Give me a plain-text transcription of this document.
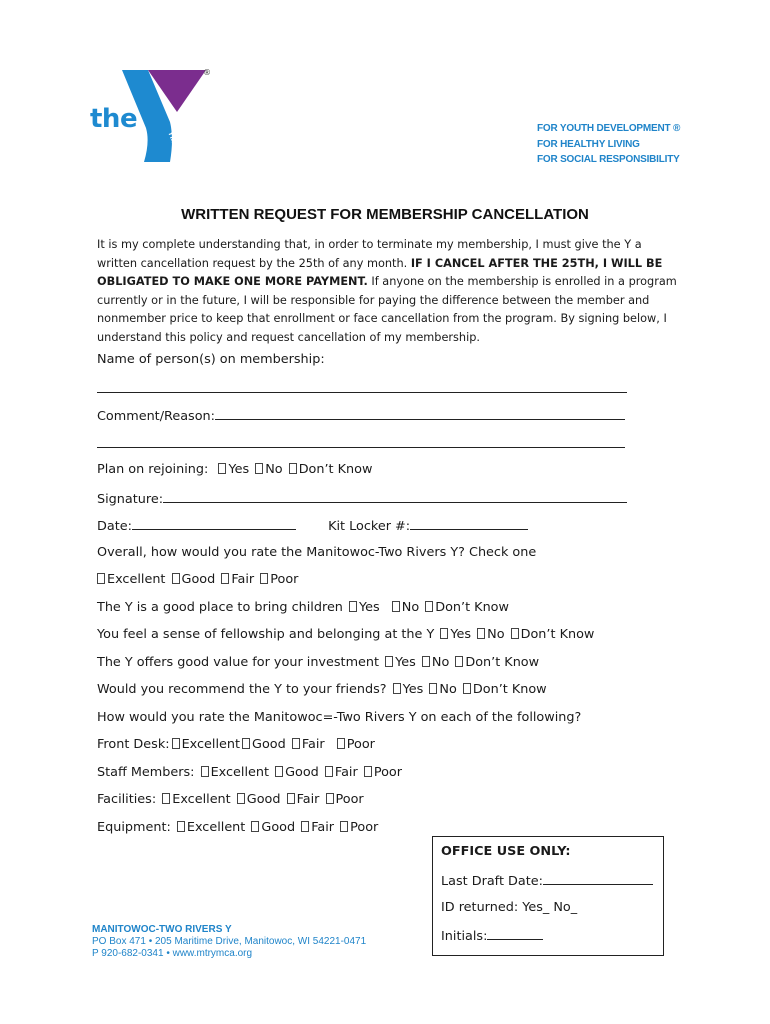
the
®
YMCA
FOR YOUTH DEVELOPMENT ®
FOR HEALTHY LIVING
FOR SOCIAL RESPONSIBILITY
WRITTEN REQUEST FOR MEMBERSHIP CANCELLATION
It is my complete understanding that, in order to terminate my membership, I must give the Y a written cancellation request by the 25th of any month. IF I CANCEL AFTER THE 25TH, I WILL BE OBLIGATED TO MAKE ONE MORE PAYMENT. If anyone on the membership is enrolled in a program currently or in the future, I will be responsible for paying the difference between the member and nonmember price to keep that enrollment or face cancellation from the program. By signing below, I understand this policy and request cancellation of my membership.
Name of person(s) on membership:
Comment/Reason:
Plan on rejoining: Yes No Don’t Know
Signature:
Date:	Kit Locker #:
Overall, how would you rate the Manitowoc-Two Rivers Y? Check one
Excellent Good Fair Poor
The Y is a good place to bring children Yes No Don’t Know
You feel a sense of fellowship and belonging at the Y Yes No Don’t Know
The Y offers good value for your investment Yes No Don’t Know
Would you recommend the Y to your friends? Yes No Don’t Know
How would you rate the Manitowoc=-Two Rivers Y on each of the following?
Front Desk: Excellent Good Fair Poor
Staff Members: Excellent Good Fair Poor
Facilities: Excellent Good Fair Poor
Equipment: Excellent Good Fair Poor
OFFICE USE ONLY:
Last Draft Date:
ID returned: Yes_ No_
Initials:
MANITOWOC-TWO RIVERS Y
PO Box 471 • 205 Maritime Drive, Manitowoc, WI 54221-0471
P 920-682-0341 • www.mtrymca.org
